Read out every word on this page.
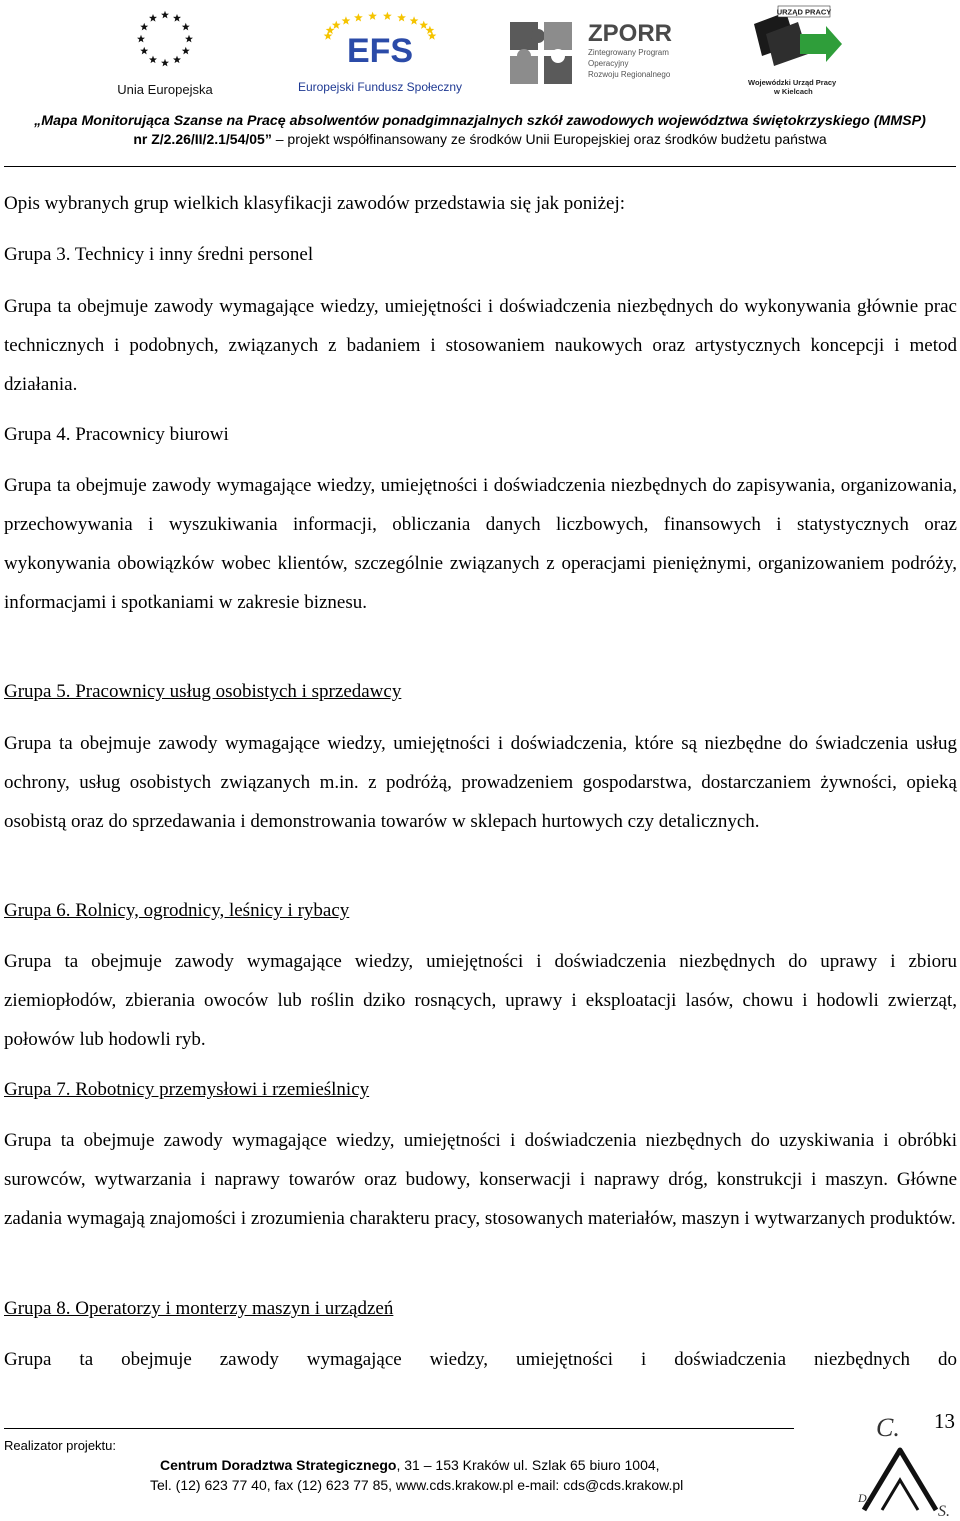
Unia Europejska
EFS
Europejski Fundusz Społeczny
ZPORR
Zintegrowany Program
Operacyjny
Rozwoju Regionalnego
URZĄD PRACY
Wojewódzki Urząd Pracy
w Kielcach
„Mapa Monitorująca Szanse na Pracę absolwentów ponadgimnazjalnych szkół zawodowych województwa świętokrzyskiego (MMSP)
nr Z/2.26/II/2.1/54/05” – projekt współfinansowany ze środków Unii Europejskiej oraz środków budżetu państwa
Opis wybranych grup wielkich klasyfikacji zawodów przedstawia się jak poniżej:
Grupa 3. Technicy i inny średni personel

Grupa ta obejmuje zawody wymagające wiedzy, umiejętności i doświadczenia niezbędnych do wykonywania głównie prac technicznych i podobnych, związanych z badaniem i stosowaniem naukowych oraz artystycznych koncepcji i metod działania.

Grupa 4. Pracownicy biurowi

Grupa ta obejmuje zawody wymagające wiedzy, umiejętności i doświadczenia niezbędnych do zapisywania, organizowania, przechowywania i wyszukiwania informacji, obliczania danych liczbowych, finansowych i statystycznych oraz wykonywania obowiązków wobec klientów, szczególnie związanych z operacjami pieniężnymi, organizowaniem podróży, informacjami i spotkaniami w zakresie biznesu.

Grupa 5. Pracownicy usług osobistych i sprzedawcy

Grupa ta obejmuje zawody wymagające wiedzy, umiejętności i doświadczenia, które są niezbędne do świadczenia usług ochrony, usług osobistych związanych m.in. z podróżą, prowadzeniem gospodarstwa, dostarczaniem żywności, opieką osobistą oraz do sprzedawania i demonstrowania towarów w sklepach hurtowych czy detalicznych.

Grupa 6. Rolnicy, ogrodnicy, leśnicy i rybacy

Grupa ta obejmuje zawody wymagające wiedzy, umiejętności i doświadczenia niezbędnych do uprawy i zbioru ziemiopłodów, zbierania owoców lub roślin dziko rosnących, uprawy i eksploatacji lasów, chowu i hodowli zwierząt, połowów lub hodowli ryb.

Grupa 7. Robotnicy przemysłowi i rzemieślnicy

Grupa ta obejmuje zawody wymagające wiedzy, umiejętności i doświadczenia niezbędnych do uzyskiwania i obróbki surowców, wytwarzania i naprawy towarów oraz budowy, konserwacji i naprawy dróg, konstrukcji i maszyn. Główne zadania wymagają znajomości i zrozumienia charakteru pracy, stosowanych materiałów, maszyn i wytwarzanych produktów.

Grupa 8. Operatorzy i monterzy maszyn i urządzeń

Grupa ta obejmuje zawody wymagające wiedzy, umiejętności i doświadczenia niezbędnych do

Realizator projektu:
Centrum Doradztwa Strategicznego, 31 – 153 Kraków ul. Szlak 65 biuro 1004,
Tel. (12) 623 77 40, fax (12) 623 77 85, www.cds.krakow.pl e-mail: cds@cds.krakow.pl
C.
D.
S.
13
